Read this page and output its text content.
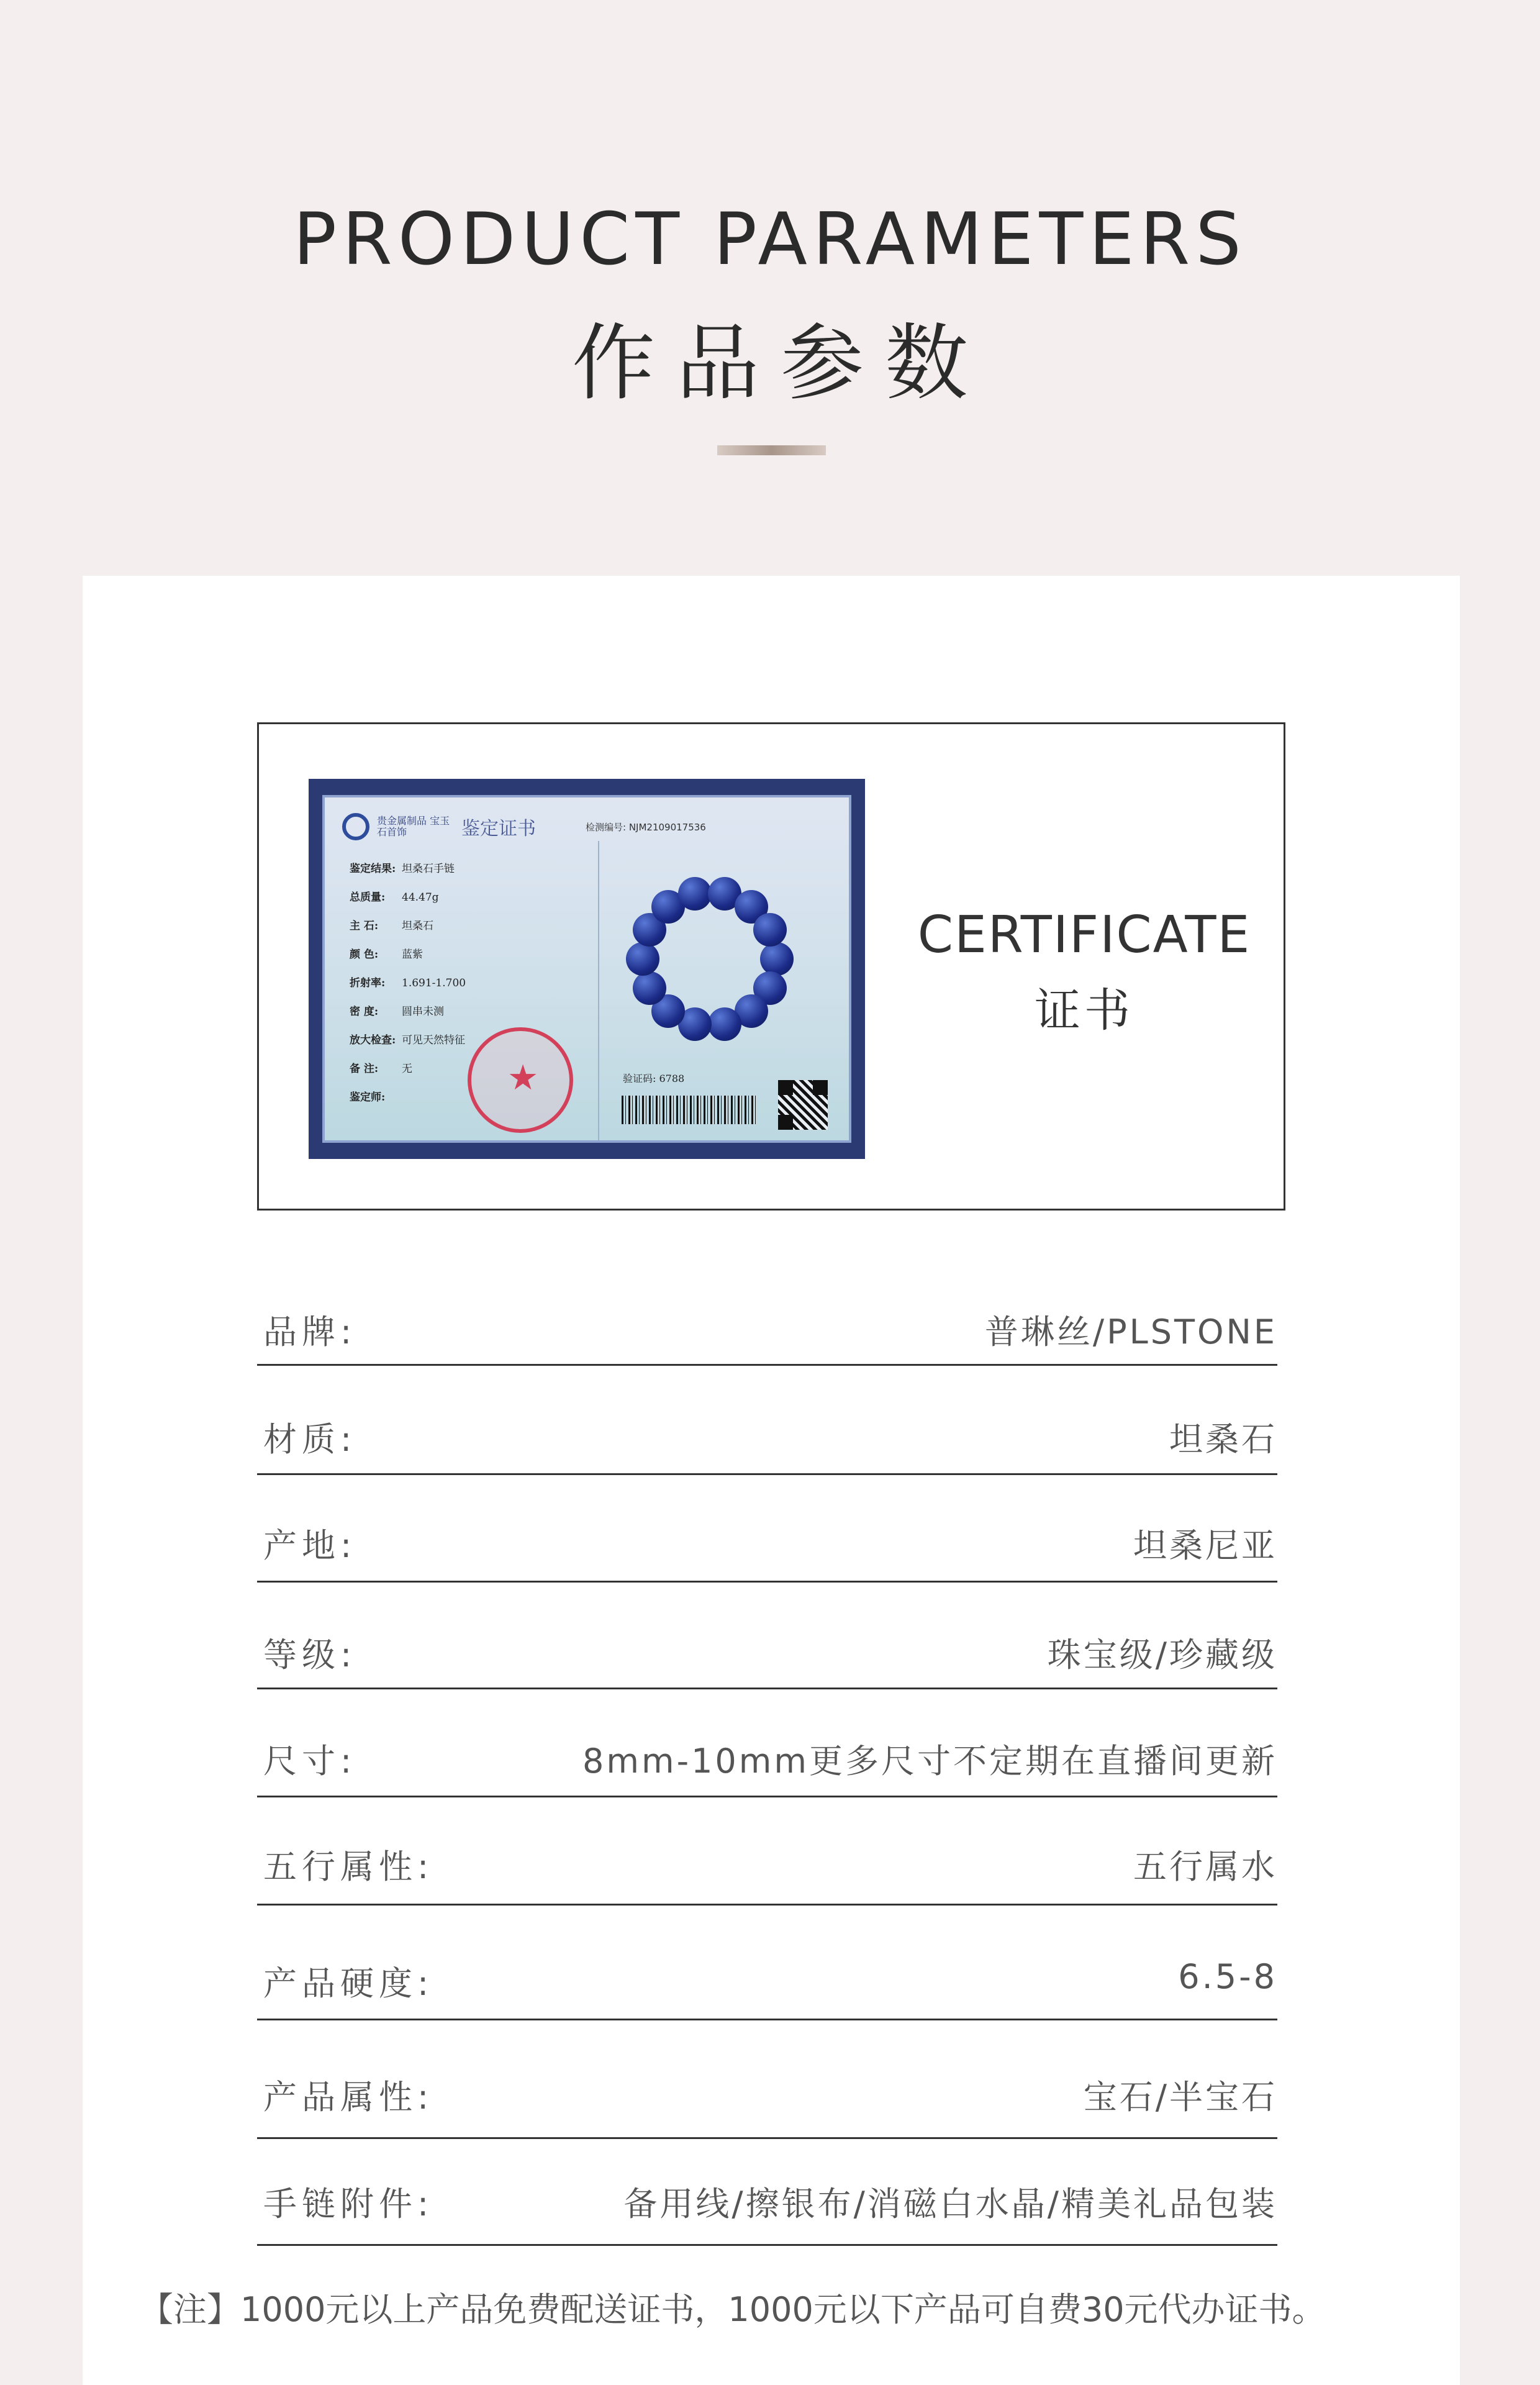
PRODUCT PARAMETERS
作品参数
贵金属制品 宝玉石首饰	鉴定证书	检测编号: NJM2109017536
鉴定结果: 坦桑石手链
总质量: 44.47g
主 石: 坦桑石
颜 色: 蓝紫
折射率: 1.691-1.700
密 度: 圆串未测
放大检查: 可见天然特征
备 注: 无
鉴定师:	★	验证码: 6788
CERTIFICATE
证书
品牌:	普琳丝/PLSTONE
材质:	坦桑石
产地:	坦桑尼亚
等级:	珠宝级/珍藏级
尺寸:	8mm-10mm更多尺寸不定期在直播间更新
五行属性:	五行属水
产品硬度:	6.5-8
产品属性:	宝石/半宝石
手链附件:	备用线/擦银布/消磁白水晶/精美礼品包装
【注】1000元以上产品免费配送证书，1000元以下产品可自费30元代办证书。
